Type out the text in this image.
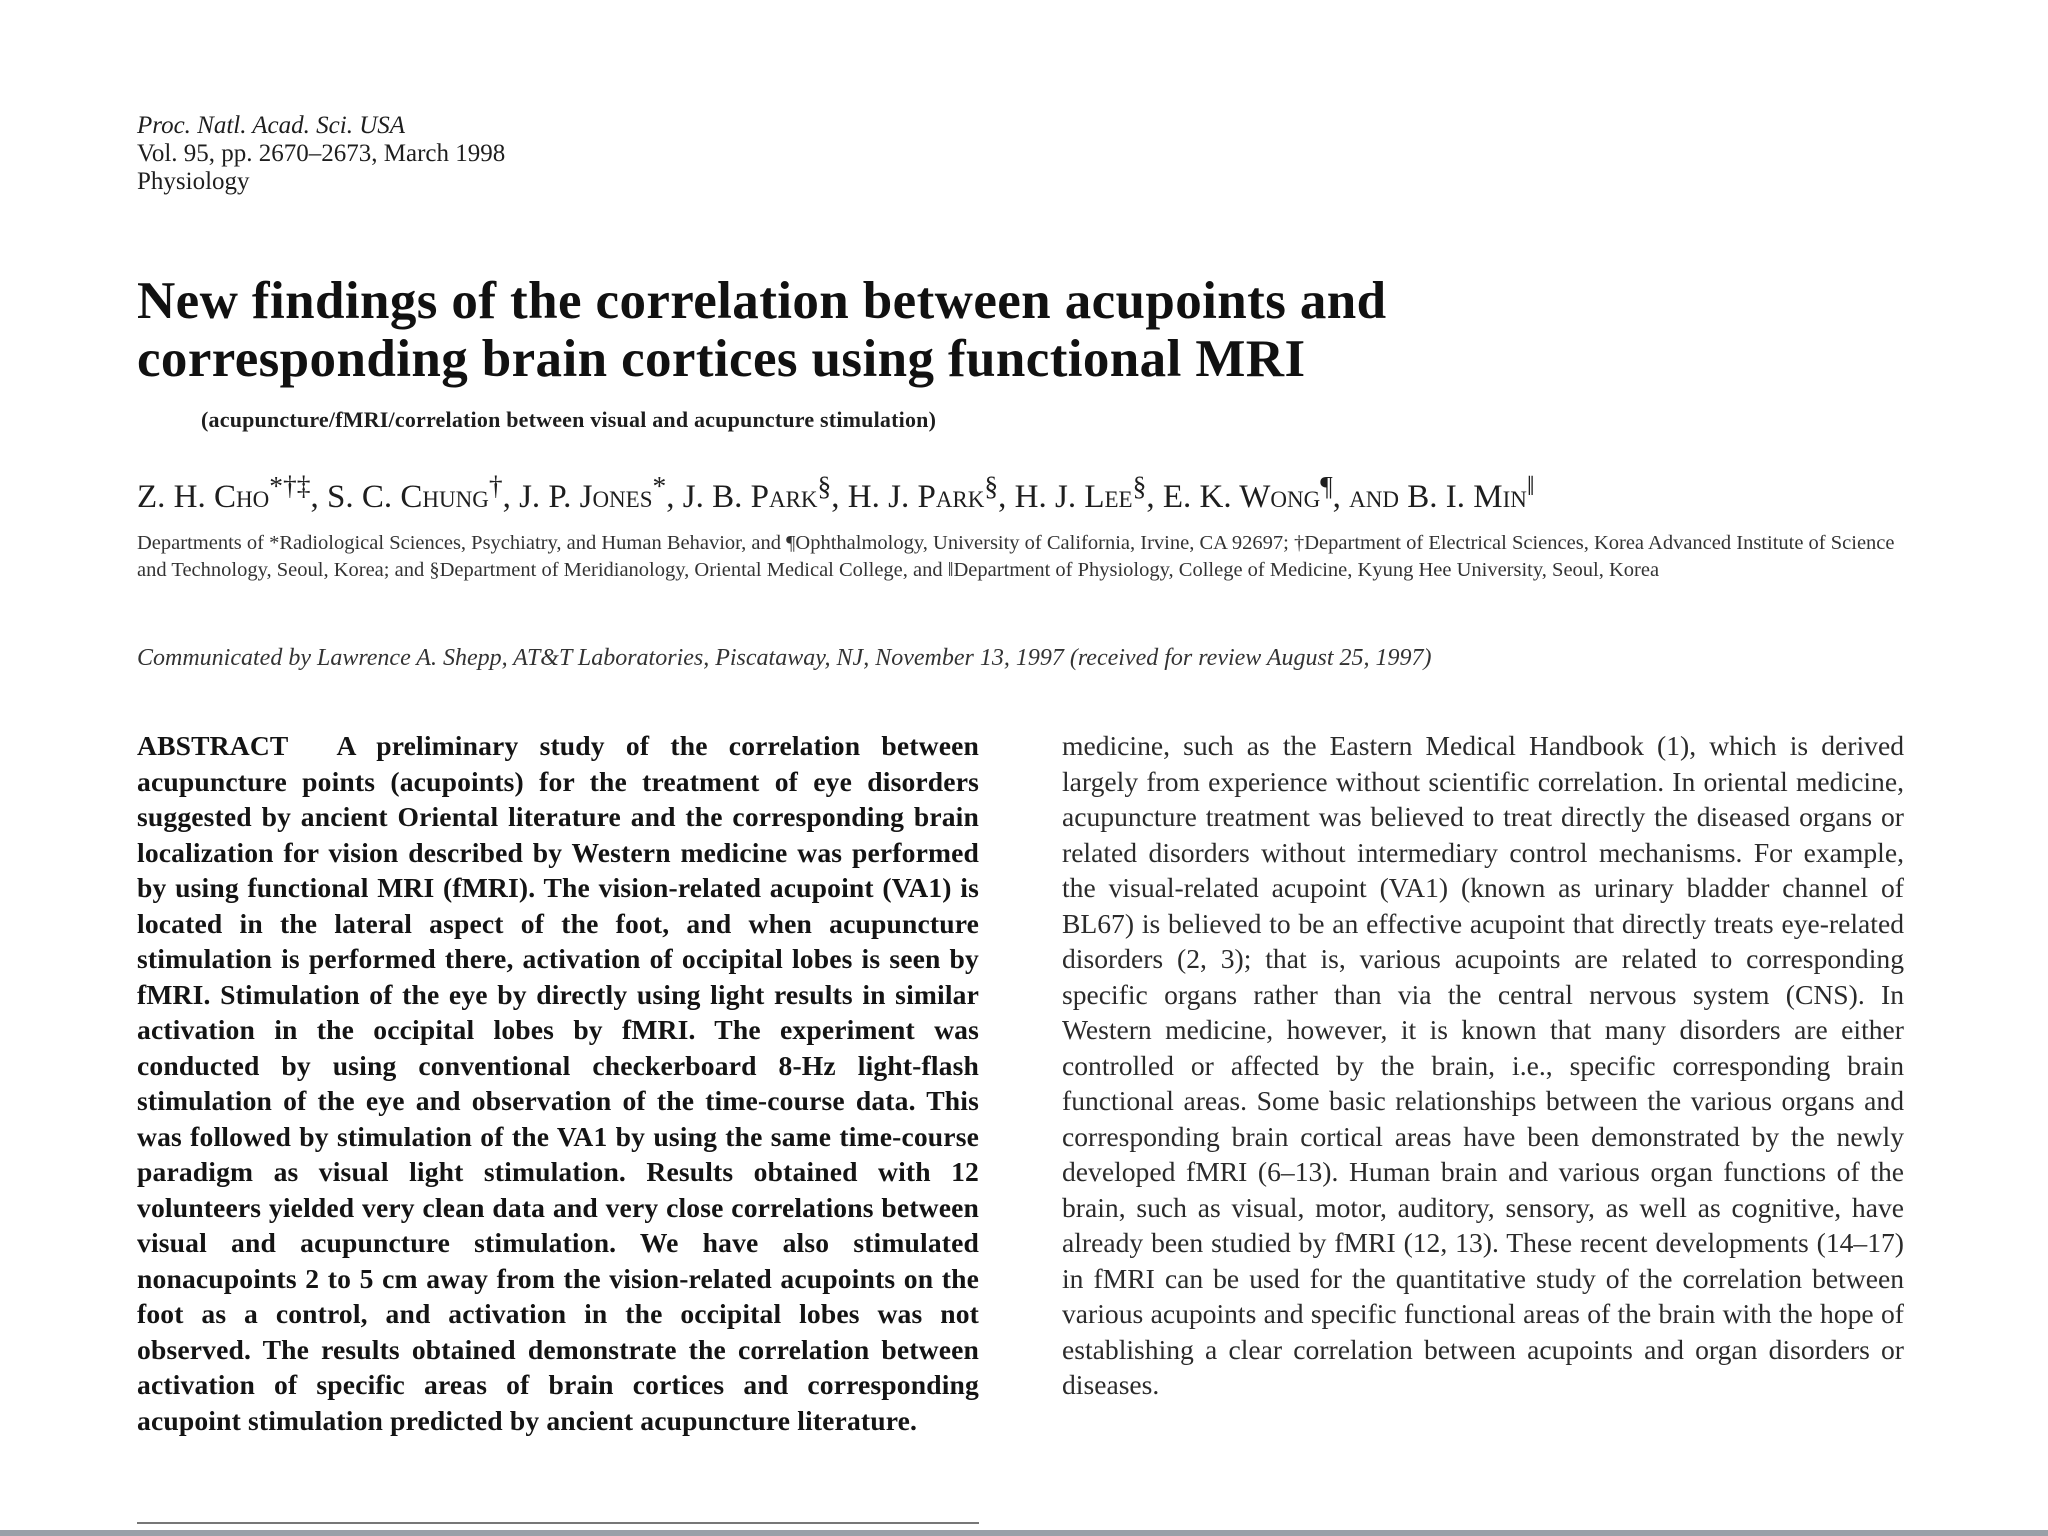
Proc. Natl. Acad. Sci. USA
Vol. 95, pp. 2670–2673, March 1998
Physiology
New findings of the correlation between acupoints and corresponding brain cortices using functional MRI
(acupuncture/fMRI/correlation between visual and acupuncture stimulation)
Z. H. Cho*†‡, S. C. Chung†, J. P. Jones*, J. B. Park§, H. J. Park§, H. J. Lee§, E. K. Wong¶, and B. I. Min‖
Departments of *Radiological Sciences, Psychiatry, and Human Behavior, and ¶Ophthalmology, University of California, Irvine, CA 92697; †Department of Electrical Sciences, Korea Advanced Institute of Science and Technology, Seoul, Korea; and §Department of Meridianology, Oriental Medical College, and ‖Department of Physiology, College of Medicine, Kyung Hee University, Seoul, Korea
Communicated by Lawrence A. Shepp, AT&T Laboratories, Piscataway, NJ, November 13, 1997 (received for review August 25, 1997)

ABSTRACT A preliminary study of the correlation between acupuncture points (acupoints) for the treatment of eye disorders suggested by ancient Oriental literature and the corresponding brain localization for vision described by Western medicine was performed by using functional MRI (fMRI). The vision-related acupoint (VA1) is located in the lateral aspect of the foot, and when acupuncture stimulation is performed there, activation of occipital lobes is seen by fMRI. Stimulation of the eye by directly using light results in similar activation in the occipital lobes by fMRI. The experiment was conducted by using conventional checkerboard 8-Hz light-flash stimulation of the eye and observation of the time-course data. This was followed by stimulation of the VA1 by using the same time-course paradigm as visual light stimulation. Results obtained with 12 volunteers yielded very clean data and very close correlations between visual and acupuncture stimulation. We have also stimulated nonacupoints 2 to 5 cm away from the vision-related acupoints on the foot as a control, and activation in the occipital lobes was not observed. The results obtained demonstrate the correlation between activation of specific areas of brain cortices and corresponding acupoint stimulation predicted by ancient acupuncture literature.

medicine, such as the Eastern Medical Handbook (1), which is derived largely from experience without scientific correlation. In oriental medicine, acupuncture treatment was believed to treat directly the diseased organs or related disorders without intermediary control mechanisms. For example, the visual-related acupoint (VA1) (known as urinary bladder channel of BL67) is believed to be an effective acupoint that directly treats eye-related disorders (2, 3); that is, various acupoints are related to corresponding specific organs rather than via the central nervous system (CNS). In Western medicine, however, it is known that many disorders are either controlled or affected by the brain, i.e., specific corresponding brain functional areas. Some basic relationships between the various organs and corresponding brain cortical areas have been demonstrated by the newly developed fMRI (6–13). Human brain and various organ functions of the brain, such as visual, motor, auditory, sensory, as well as cognitive, have already been studied by fMRI (12, 13). These recent developments (14–17) in fMRI can be used for the quantitative study of the correlation between various acupoints and specific functional areas of the brain with the hope of establishing a clear correlation between acupoints and organ disorders or diseases.
